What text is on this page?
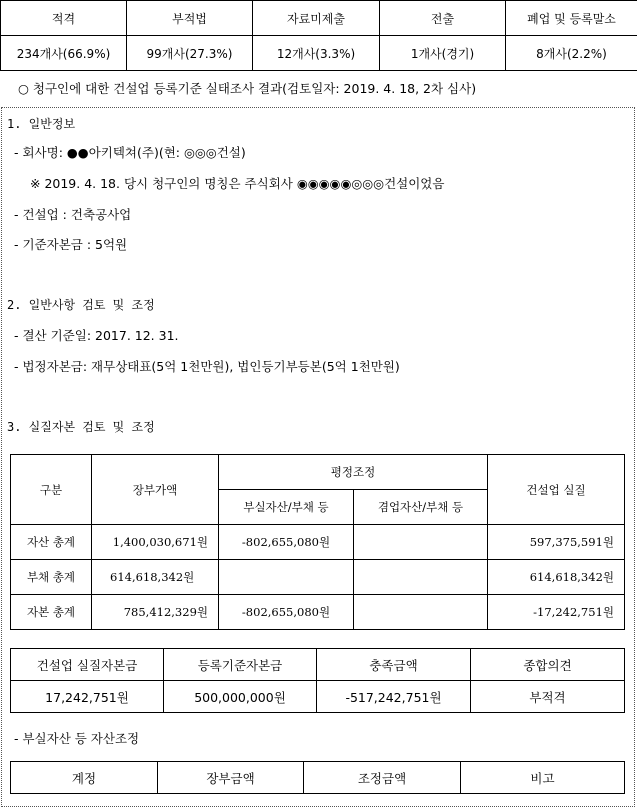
적격	부적법	자료미제출	전출	폐업 및 등록말소
234개사(66.9%)	99개사(27.3%)	12개사(3.3%)	1개사(경기)	8개사(2.2%)
○ 청구인에 대한 건설업 등록기준 실태조사 결과(검토일자: 2019. 4. 18, 2차 심사)
1. 일반정보
- 회사명: ●●아키텍쳐(주)(현: ◎◎◎건설)
※ 2019. 4. 18. 당시 청구인의 명칭은 주식회사 ◉◉◉◉◉◎◎◎건설이었음
- 건설업 : 건축공사업
- 기준자본금 : 5억원
2. 일반사항 검토 및 조정
- 결산 기준일: 2017. 12. 31.
- 법정자본금: 재무상태표(5억 1천만원), 법인등기부등본(5억 1천만원)
3. 실질자본 검토 및 조정
구분	장부가액	평정조정		건설업 실질
		부실자산/부채 등	겸업자산/부채 등	
자산 총계	1,400,030,671원	-802,655,080원		597,375,591원
부채 총계	614,618,342원			614,618,342원
자본 총계	785,412,329원	-802,655,080원		-17,242,751원
건설업 실질자본금	등록기준자본금	충족금액	종합의견
17,242,751원	500,000,000원	-517,242,751원	부적격
- 부실자산 등 자산조정
계정	장부금액	조정금액	비고
